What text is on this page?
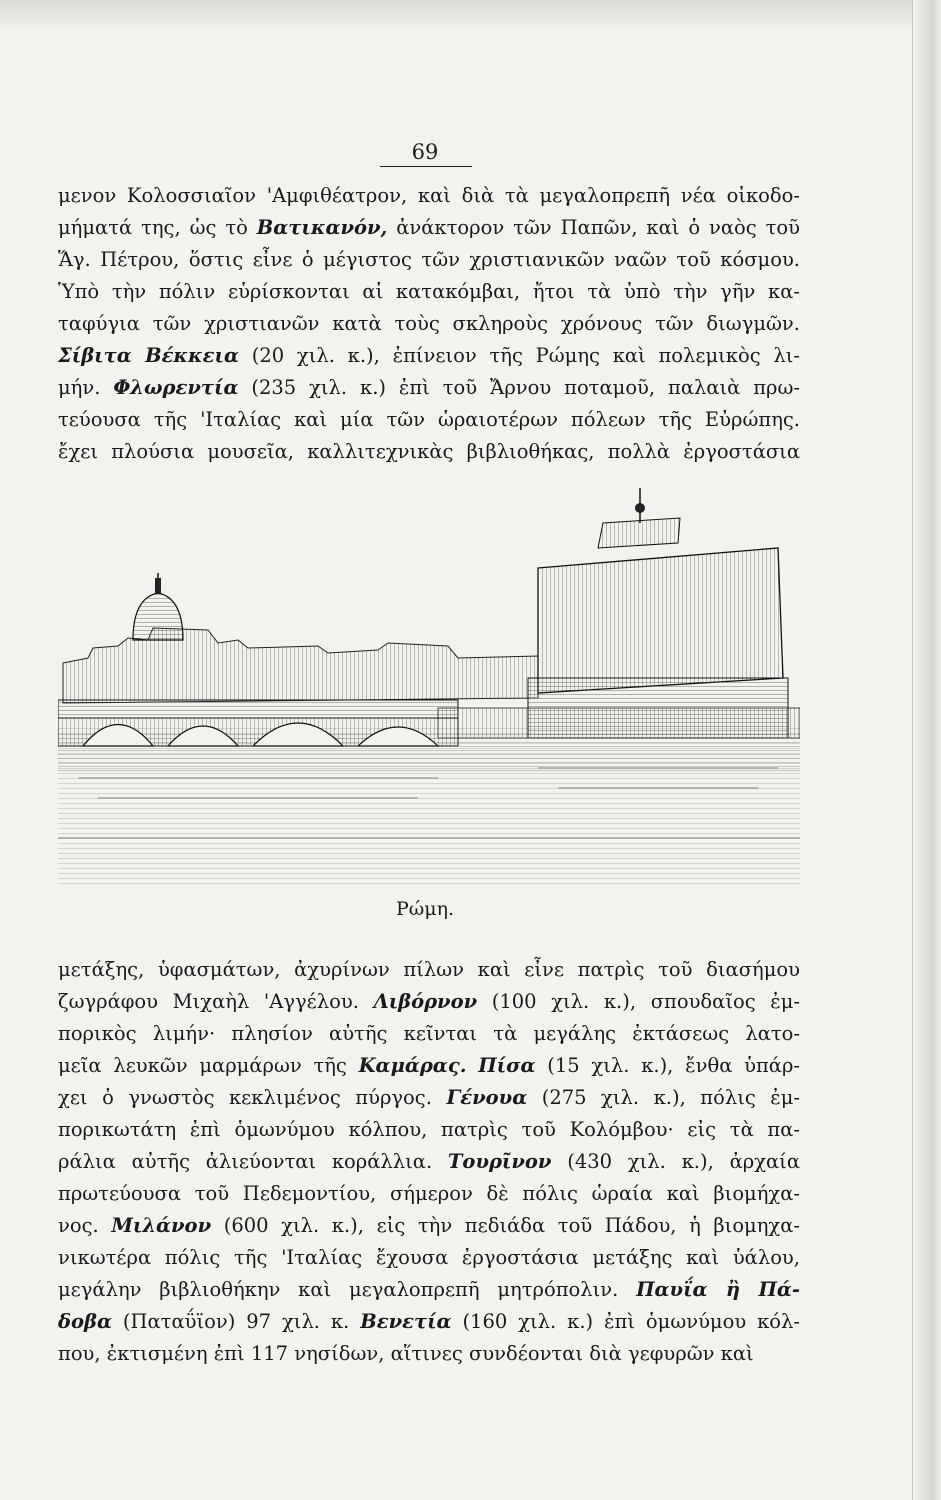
69
μενον Κολοσσιαῖον 'Αμφιθέατρον, καὶ διὰ τὰ μεγαλοπρεπῆ νέα οἰκοδο-
μήματά της, ὡς τὸ Βατικανόν, ἀνάκτορον τῶν Παπῶν, καὶ ὁ ναὸς τοῦ
Ἅγ. Πέτρου, ὅστις εἶνε ὁ μέγιστος τῶν χριστιανικῶν ναῶν τοῦ κόσμου.
Ὑπὸ τὴν πόλιν εὑρίσκονται αἱ κατακόμβαι, ἤτοι τὰ ὑπὸ τὴν γῆν κα-
ταφύγια τῶν χριστιανῶν κατὰ τοὺς σκληροὺς χρόνους τῶν διωγμῶν.
Σίβιτα Βέκκεια (20 χιλ. κ.), ἐπίνειον τῆς Ρώμης καὶ πολεμικὸς λι-
μήν. Φλωρεντία (235 χιλ. κ.) ἐπὶ τοῦ Ἄρνου ποταμοῦ, παλαιὰ πρω-
τεύουσα τῆς 'Ιταλίας καὶ μία τῶν ὡραιοτέρων πόλεων τῆς Εὐρώπης.
ἔχει πλούσια μουσεῖα, καλλιτεχνικὰς βιβλιοθήκας, πολλὰ ἐργοστάσια
Ρώμη.
μετάξης, ὑφασμάτων, ἀχυρίνων πίλων καὶ εἶνε πατρὶς τοῦ διασήμου
ζωγράφου Μιχαὴλ 'Αγγέλου. Λιβόρνον (100 χιλ. κ.), σπουδαῖος ἐμ-
πορικὸς λιμήν· πλησίον αὐτῆς κεῖνται τὰ μεγάλης ἐκτάσεως λατο-
μεῖα λευκῶν μαρμάρων τῆς Καμάρας. Πίσα (15 χιλ. κ.), ἔνθα ὑπάρ-
χει ὁ γνωστὸς κεκλιμένος πύργος. Γένουα (275 χιλ. κ.), πόλις ἐμ-
πορικωτάτη ἐπὶ ὁμωνύμου κόλπου, πατρὶς τοῦ Κολόμβου· εἰς τὰ πα-
ράλια αὐτῆς ἁλιεύονται κοράλλια. Τουρῖνον (430 χιλ. κ.), ἀρχαία
πρωτεύουσα τοῦ Πεδεμοντίου, σήμερον δὲ πόλις ὡραία καὶ βιομήχα-
νος. Μιλάνον (600 χιλ. κ.), εἰς τὴν πεδιάδα τοῦ Πάδου, ἡ βιομηχα-
νικωτέρα πόλις τῆς 'Ιταλίας ἔχουσα ἐργοστάσια μετάξης καὶ ὑάλου,
μεγάλην βιβλιοθήκην καὶ μεγαλοπρεπῆ μητρόπολιν. Παυΐα ἢ Πά-
δοβα (Παταΰϊον) 97 χιλ. κ. Βενετία (160 χιλ. κ.) ἐπὶ ὁμωνύμου κόλ-
που, ἐκτισμένη ἐπὶ 117 νησίδων, αἵτινες συνδέονται διὰ γεφυρῶν καὶ
